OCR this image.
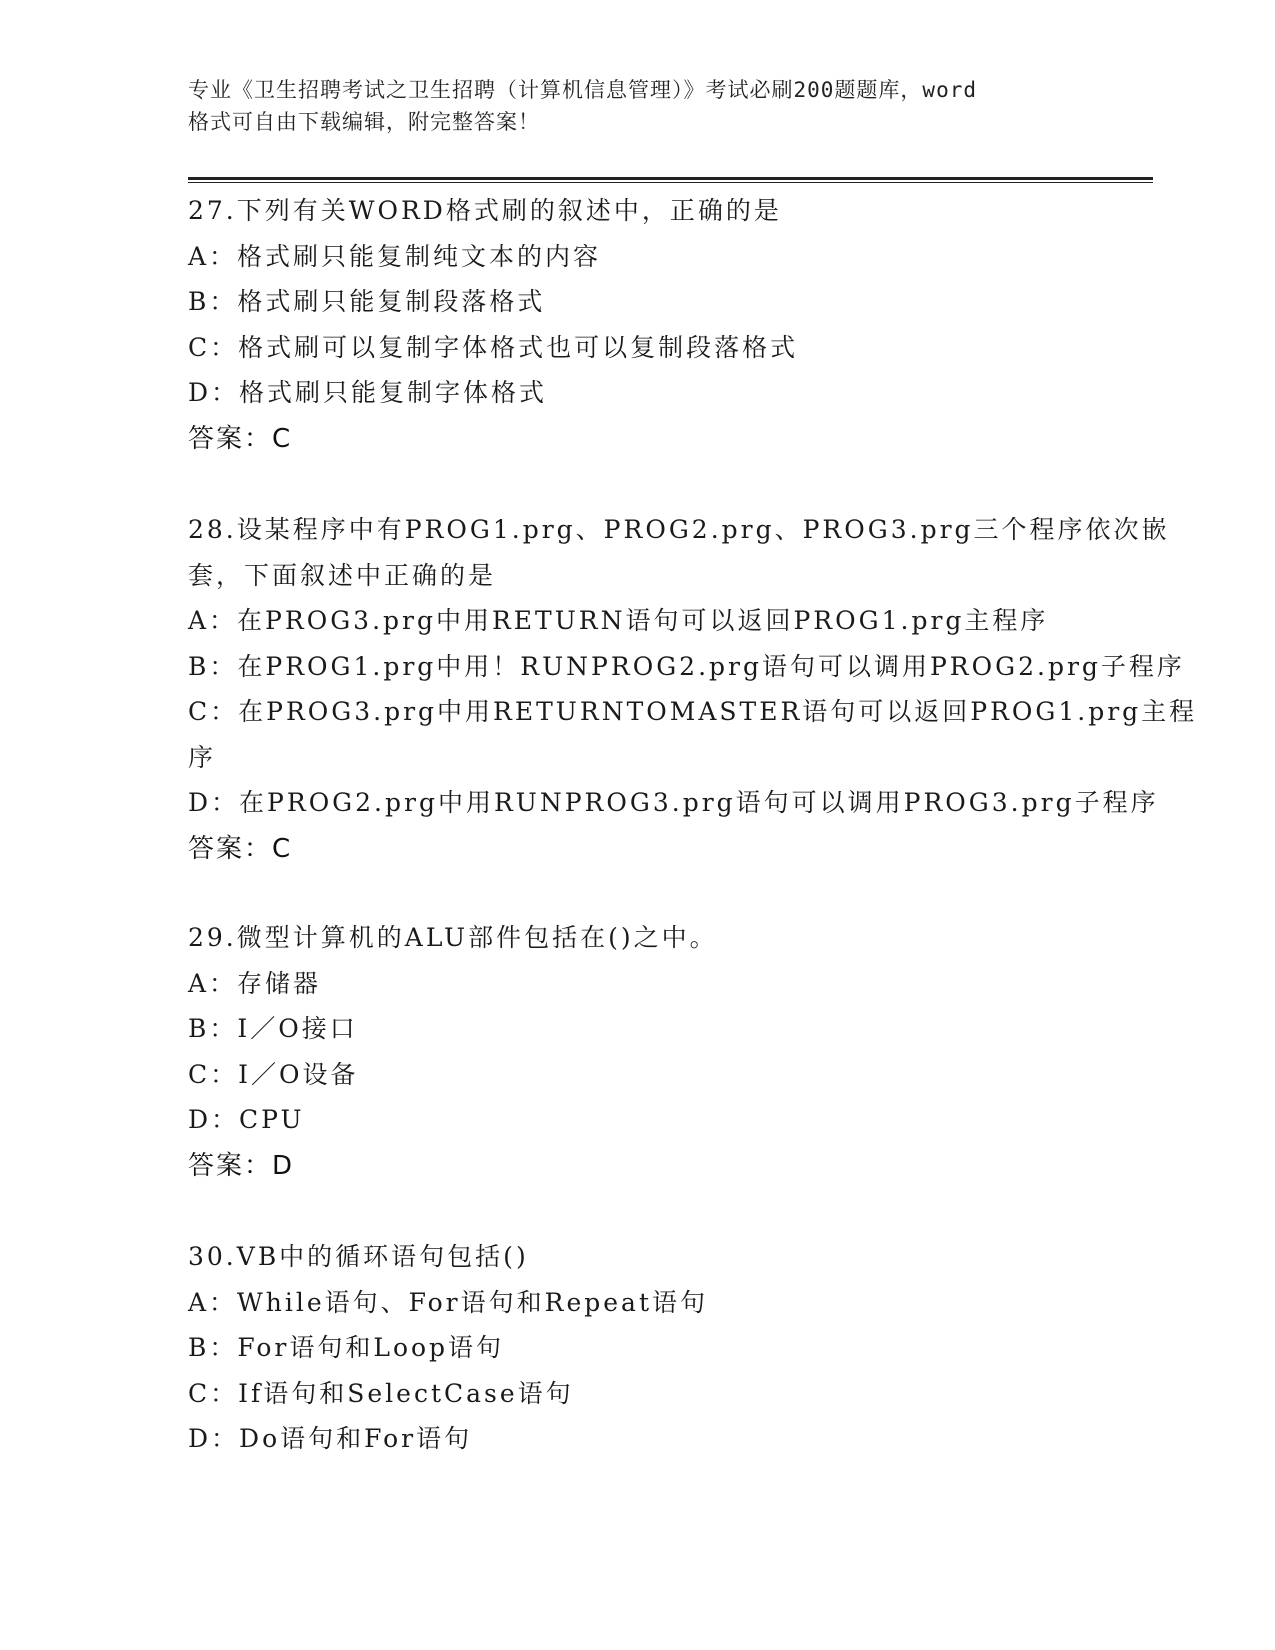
专业《卫生招聘考试之卫生招聘（计算机信息管理）》考试必刷200题题库，word
格式可自由下载编辑，附完整答案！
27.下列有关WORD格式刷的叙述中，正确的是
A：格式刷只能复制纯文本的内容
B：格式刷只能复制段落格式
C：格式刷可以复制字体格式也可以复制段落格式
D：格式刷只能复制字体格式
答案：C
28.设某程序中有PROG1.prg、PROG2.prg、PROG3.prg三个程序依次嵌
套，下面叙述中正确的是
A：在PROG3.prg中用RETURN语句可以返回PROG1.prg主程序
B：在PROG1.prg中用！RUNPROG2.prg语句可以调用PROG2.prg子程序
C：在PROG3.prg中用RETURNTOMASTER语句可以返回PROG1.prg主程
序
D：在PROG2.prg中用RUNPROG3.prg语句可以调用PROG3.prg子程序
答案：C
29.微型计算机的ALU部件包括在()之中。
A：存储器
B：I／O接口
C：I／O设备
D：CPU
答案：D
30.VB中的循环语句包括()
A：While语句、For语句和Repeat语句
B：For语句和Loop语句
C：If语句和SelectCase语句
D：Do语句和For语句
